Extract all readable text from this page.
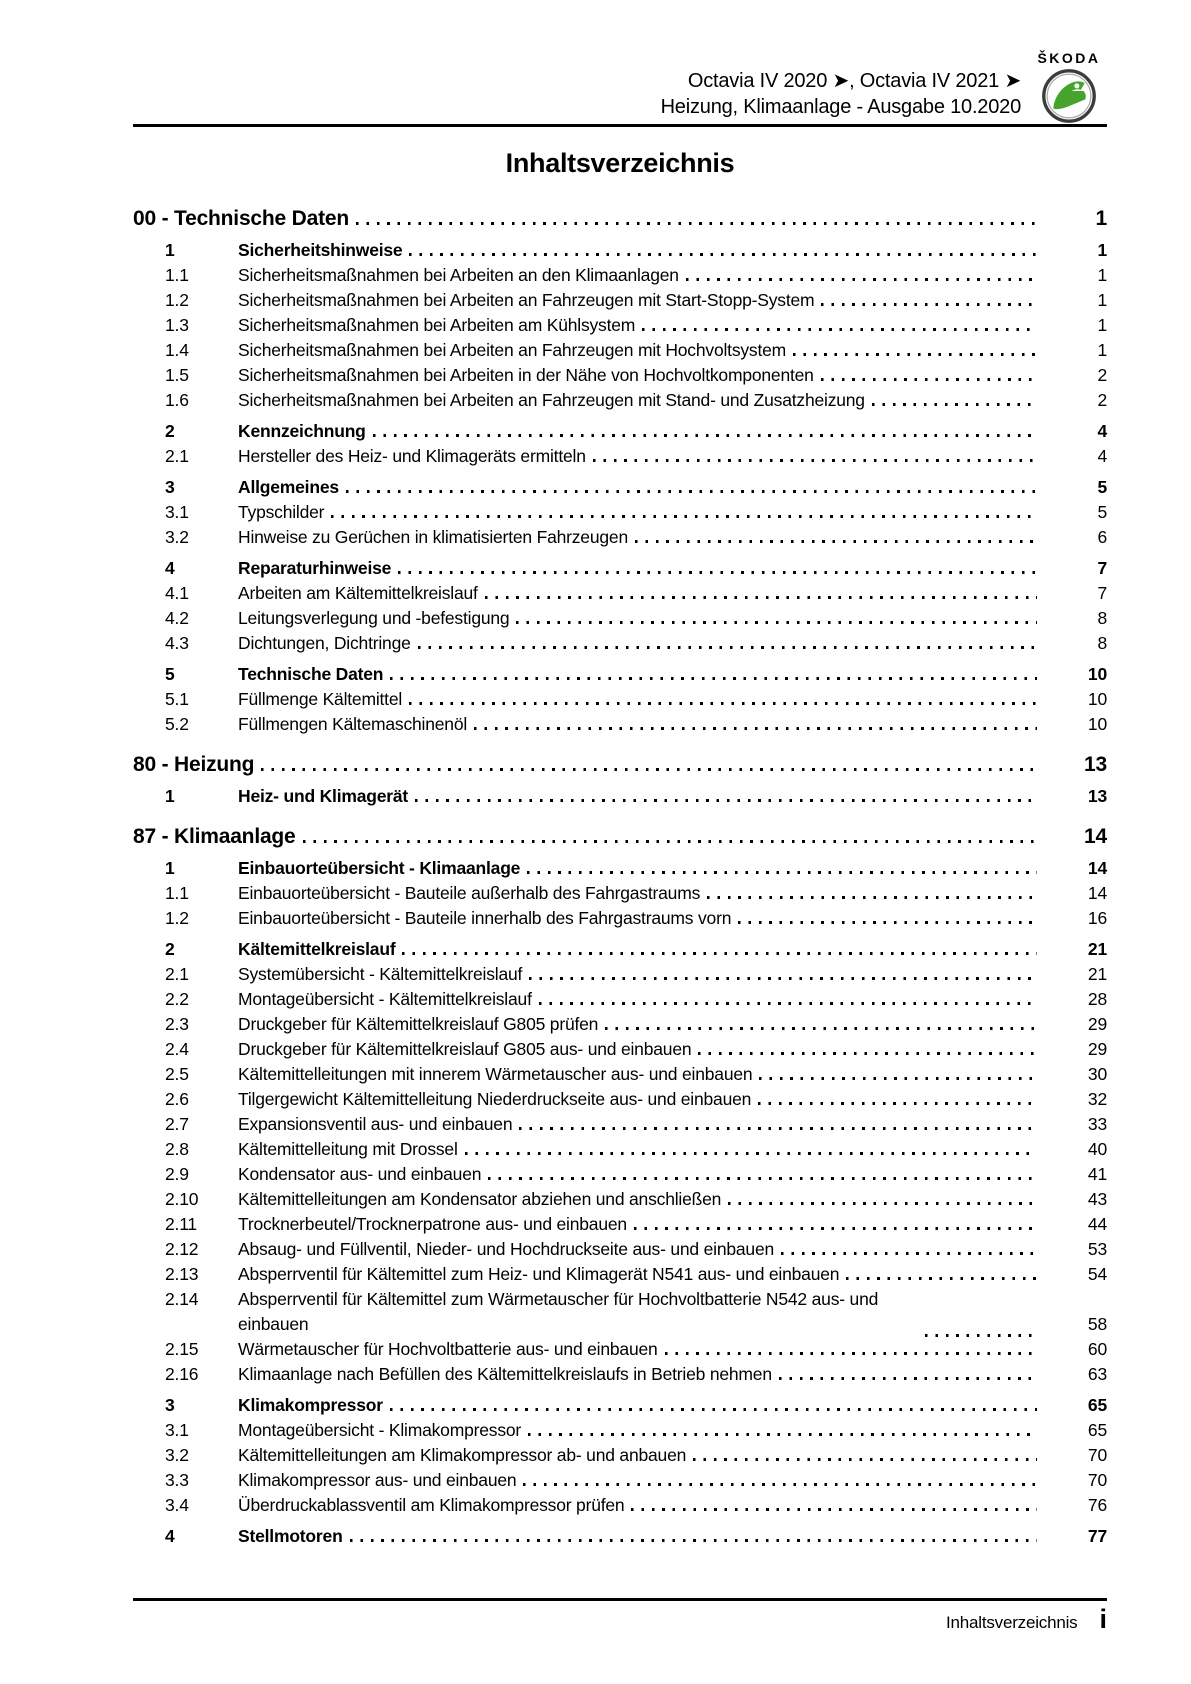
Octavia IV 2020 ➤, Octavia IV 2021 ➤
Heizung, Klimaanlage - Ausgabe 10.2020
ŠKODA
Inhaltsverzeichnis
00 - Technische Daten	1
1	Sicherheitshinweise	1
1.1	Sicherheitsmaßnahmen bei Arbeiten an den Klimaanlagen	1
1.2	Sicherheitsmaßnahmen bei Arbeiten an Fahrzeugen mit Start-Stopp-System	1
1.3	Sicherheitsmaßnahmen bei Arbeiten am Kühlsystem	1
1.4	Sicherheitsmaßnahmen bei Arbeiten an Fahrzeugen mit Hochvoltsystem	1
1.5	Sicherheitsmaßnahmen bei Arbeiten in der Nähe von Hochvoltkomponenten	2
1.6	Sicherheitsmaßnahmen bei Arbeiten an Fahrzeugen mit Stand- und Zusatzheizung	2
2	Kennzeichnung	4
2.1	Hersteller des Heiz- und Klimageräts ermitteln	4
3	Allgemeines	5
3.1	Typschilder	5
3.2	Hinweise zu Gerüchen in klimatisierten Fahrzeugen	6
4	Reparaturhinweise	7
4.1	Arbeiten am Kältemittelkreislauf	7
4.2	Leitungsverlegung und -befestigung	8
4.3	Dichtungen, Dichtringe	8
5	Technische Daten	10
5.1	Füllmenge Kältemittel	10
5.2	Füllmengen Kältemaschinenöl	10
80 - Heizung	13
1	Heiz- und Klimagerät	13
87 - Klimaanlage	14
1	Einbauorteübersicht - Klimaanlage	14
1.1	Einbauorteübersicht - Bauteile außerhalb des Fahrgastraums	14
1.2	Einbauorteübersicht - Bauteile innerhalb des Fahrgastraums vorn	16
2	Kältemittelkreislauf	21
2.1	Systemübersicht - Kältemittelkreislauf	21
2.2	Montageübersicht - Kältemittelkreislauf	28
2.3	Druckgeber für Kältemittelkreislauf G805 prüfen	29
2.4	Druckgeber für Kältemittelkreislauf G805 aus- und einbauen	29
2.5	Kältemittelleitungen mit innerem Wärmetauscher aus- und einbauen	30
2.6	Tilgergewicht Kältemittelleitung Niederdruckseite aus- und einbauen	32
2.7	Expansionsventil aus- und einbauen	33
2.8	Kältemittelleitung mit Drossel	40
2.9	Kondensator aus- und einbauen	41
2.10	Kältemittelleitungen am Kondensator abziehen und anschließen	43
2.11	Trocknerbeutel/Trocknerpatrone aus- und einbauen	44
2.12	Absaug- und Füllventil, Nieder- und Hochdruckseite aus- und einbauen	53
2.13	Absperrventil für Kältemittel zum Heiz- und Klimagerät N541 aus- und einbauen	54
2.14	Absperrventil für Kältemittel zum Wärmetauscher für Hochvoltbatterie N542 aus- und einbauen	58
2.15	Wärmetauscher für Hochvoltbatterie aus- und einbauen	60
2.16	Klimaanlage nach Befüllen des Kältemittelkreislaufs in Betrieb nehmen	63
3	Klimakompressor	65
3.1	Montageübersicht - Klimakompressor	65
3.2	Kältemittelleitungen am Klimakompressor ab- und anbauen	70
3.3	Klimakompressor aus- und einbauen	70
3.4	Überdruckablassventil am Klimakompressor prüfen	76
4	Stellmotoren	77
Inhaltsverzeichnis i
